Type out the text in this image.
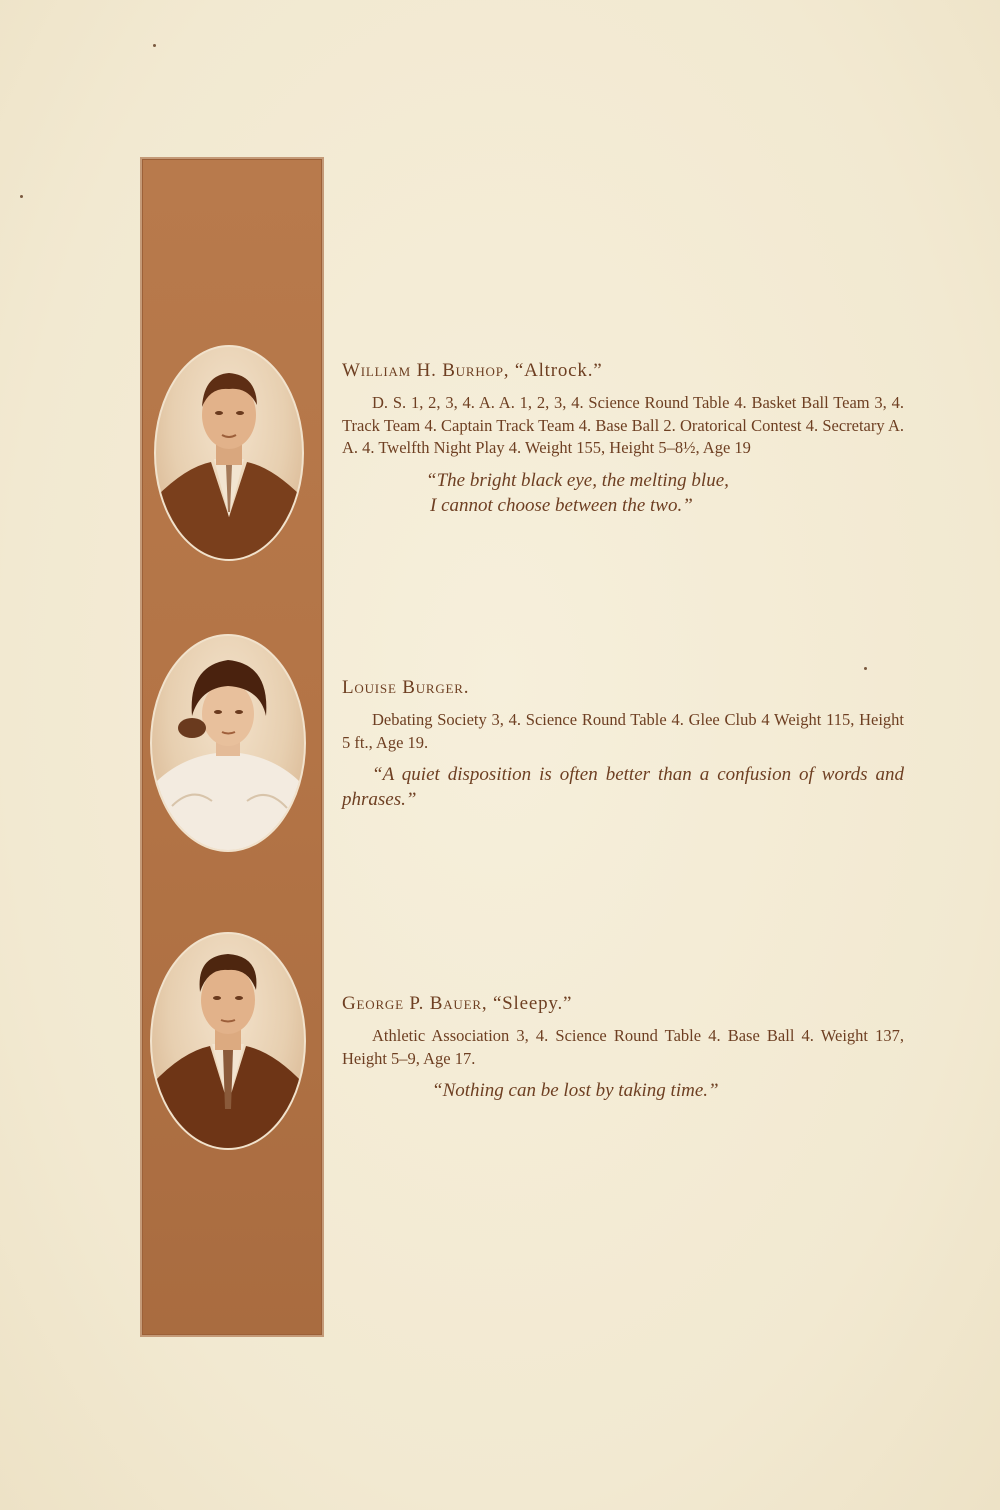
William H. Burhop, “Altrock.”

D. S. 1, 2, 3, 4. A. A. 1, 2, 3, 4. Science Round Table 4. Basket Ball Team 3, 4. Track Team 4. Captain Track Team 4. Base Ball 2. Oratorical Contest 4. Secretary A. A. 4. Twelfth Night Play 4. Weight 155, Height 5–8½, Age 19

“The bright black eye, the melting blue,

I cannot choose between the two.”

Louise Burger.

Debating Society 3, 4. Science Round Table 4. Glee Club 4 Weight 115, Height 5 ft., Age 19.

“A quiet disposition is often better than a confusion of words and phrases.”

George P. Bauer, “Sleepy.”

Athletic Association 3, 4. Science Round Table 4. Base Ball 4. Weight 137, Height 5–9, Age 17.

“Nothing can be lost by taking time.”
